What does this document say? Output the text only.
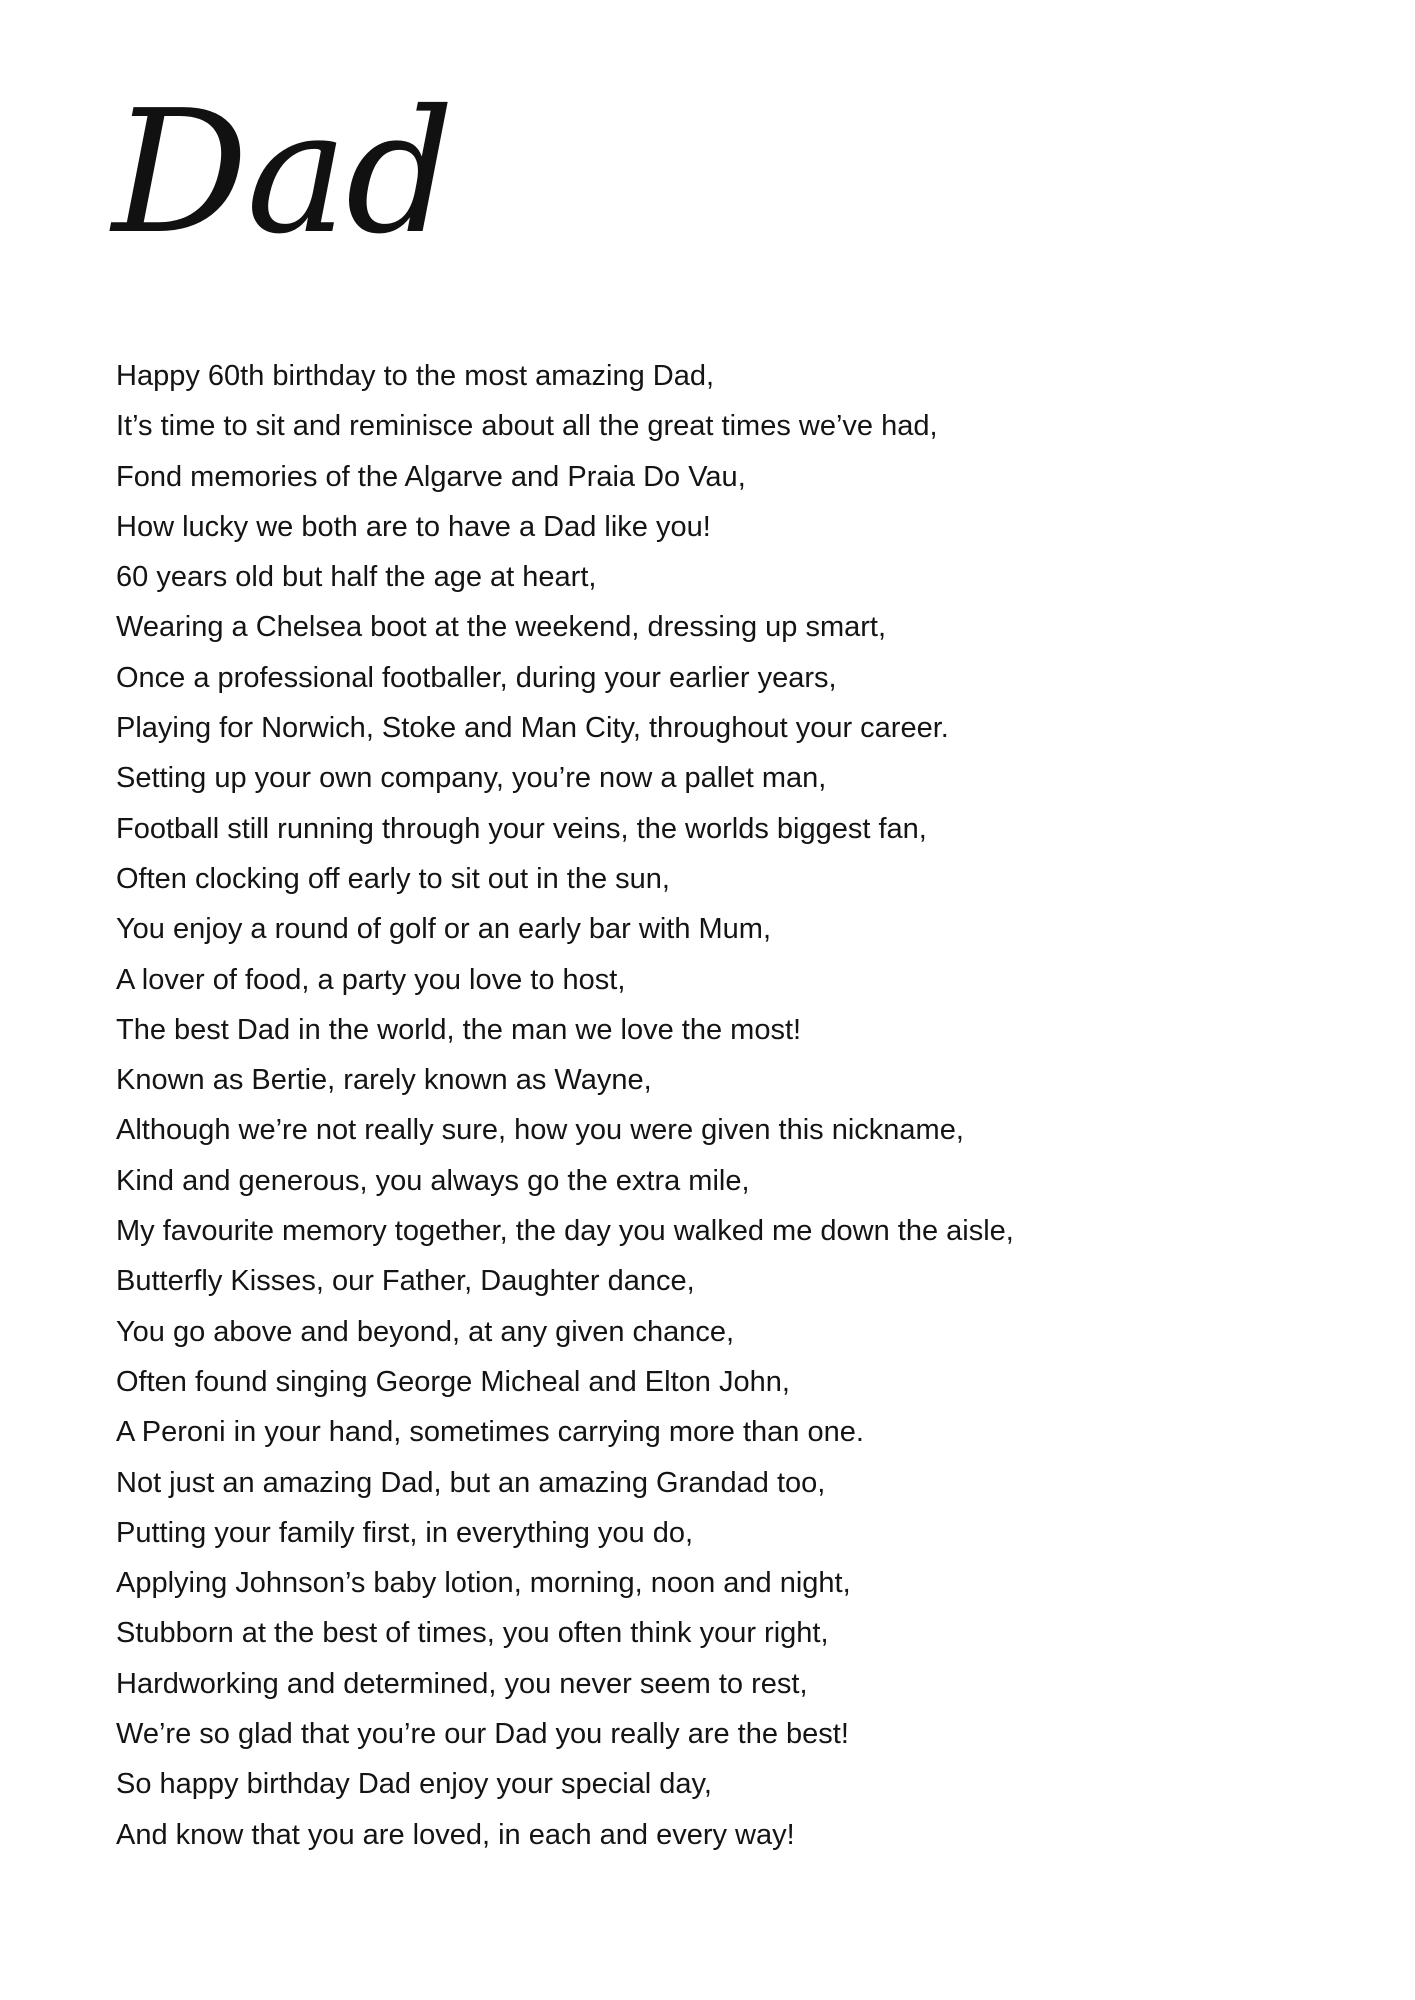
Dad
Happy 60th birthday to the most amazing Dad,
It’s time to sit and reminisce about all the great times we’ve had,
Fond memories of the Algarve and Praia Do Vau,
How lucky we both are to have a Dad like you!
60 years old but half the age at heart,
Wearing a Chelsea boot at the weekend, dressing up smart,
Once a professional footballer, during your earlier years,
Playing for Norwich, Stoke and Man City, throughout your career.
Setting up your own company, you’re now a pallet man,
Football still running through your veins, the worlds biggest fan,
Often clocking off early to sit out in the sun,
You enjoy a round of golf or an early bar with Mum,
A lover of food, a party you love to host,
The best Dad in the world, the man we love the most!
Known as Bertie, rarely known as Wayne,
Although we’re not really sure, how you were given this nickname,
Kind and generous, you always go the extra mile,
My favourite memory together, the day you walked me down the aisle,
Butterfly Kisses, our Father, Daughter dance,
You go above and beyond, at any given chance,
Often found singing George Micheal and Elton John,
A Peroni in your hand, sometimes carrying more than one.
Not just an amazing Dad, but an amazing Grandad too,
Putting your family first, in everything you do,
Applying Johnson’s baby lotion, morning, noon and night,
Stubborn at the best of times, you often think your right,
Hardworking and determined, you never seem to rest,
We’re so glad that you’re our Dad you really are the best!
So happy birthday Dad enjoy your special day,
And know that you are loved, in each and every way!
